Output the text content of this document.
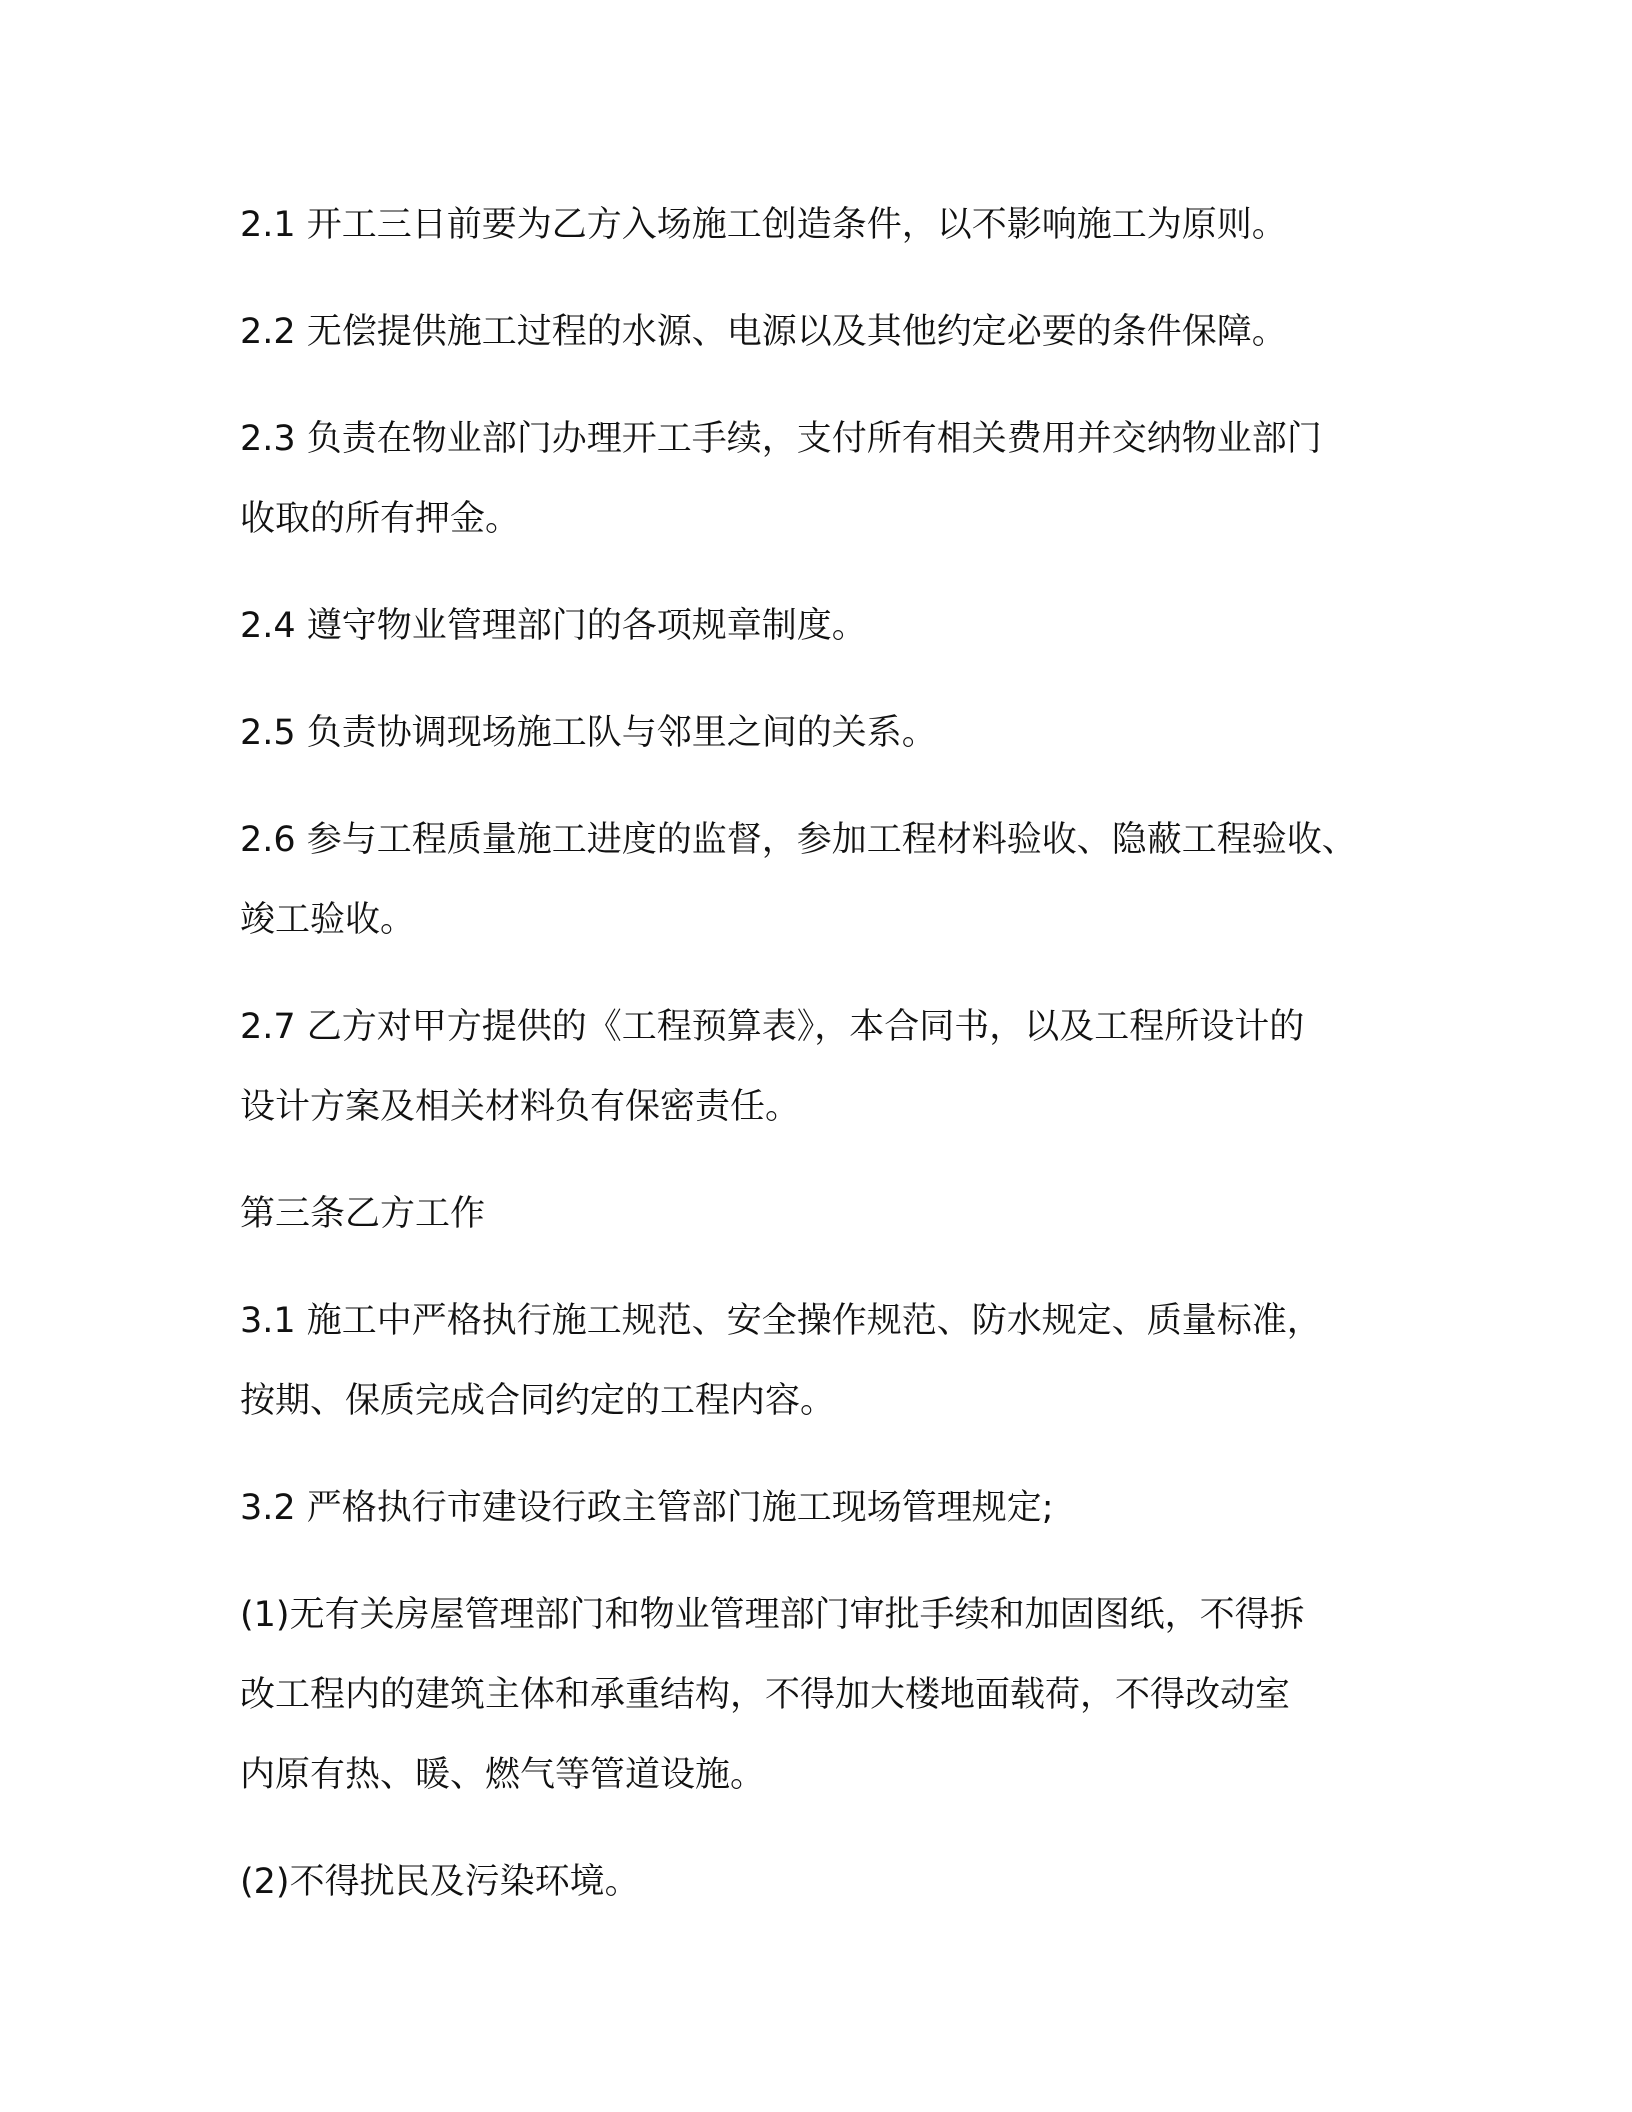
2.1 开工三日前要为乙方入场施工创造条件，以不影响施工为原则。

2.2 无偿提供施工过程的水源、电源以及其他约定必要的条件保障。

2.3 负责在物业部门办理开工手续，支付所有相关费用并交纳物业部门
收取的所有押金。

2.4 遵守物业管理部门的各项规章制度。

2.5 负责协调现场施工队与邻里之间的关系。

2.6 参与工程质量施工进度的监督，参加工程材料验收、隐蔽工程验收、
竣工验收。

2.7 乙方对甲方提供的《工程预算表》，本合同书，以及工程所设计的
设计方案及相关材料负有保密责任。

第三条乙方工作

3.1 施工中严格执行施工规范、安全操作规范、防水规定、质量标准，
按期、保质完成合同约定的工程内容。

3.2 严格执行市建设行政主管部门施工现场管理规定;

(1)无有关房屋管理部门和物业管理部门审批手续和加固图纸，不得拆
改工程内的建筑主体和承重结构，不得加大楼地面载荷，不得改动室
内原有热、暖、燃气等管道设施。

(2)不得扰民及污染环境。
